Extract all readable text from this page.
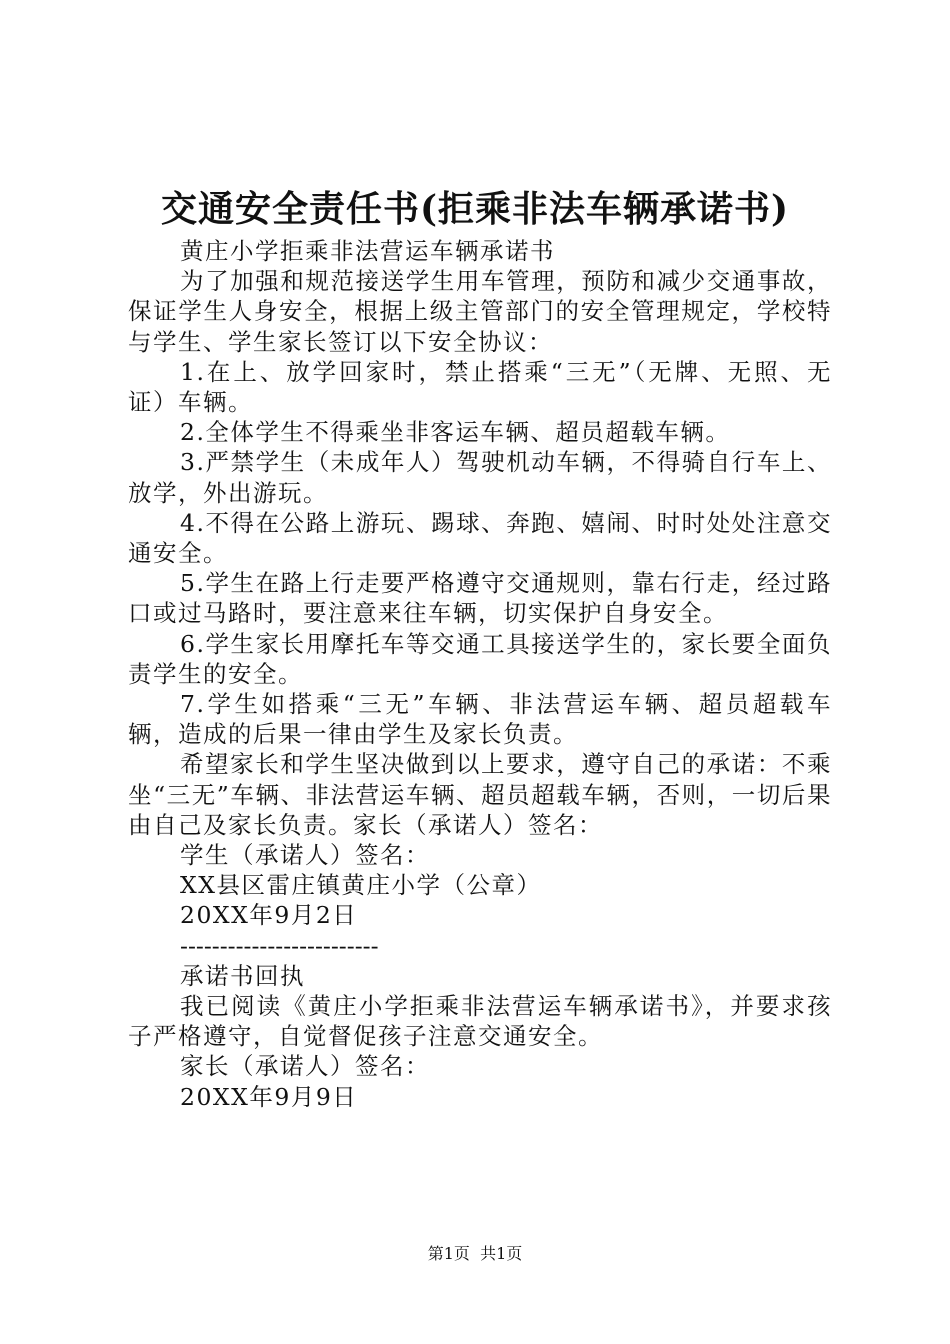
交通安全责任书(拒乘非法车辆承诺书)

黄庄小学拒乘非法营运车辆承诺书

为了加强和规范接送学生用车管理，预防和减少交通事故，保证学生人身安全，根据上级主管部门的安全管理规定，学校特与学生、学生家长签订以下安全协议：

1.在上、放学回家时，禁止搭乘“三无”（无牌、无照、无证）车辆。

2.全体学生不得乘坐非客运车辆、超员超载车辆。

3.严禁学生（未成年人）驾驶机动车辆，不得骑自行车上、放学，外出游玩。

4.不得在公路上游玩、踢球、奔跑、嬉闹、时时处处注意交通安全。

5.学生在路上行走要严格遵守交通规则，靠右行走，经过路口或过马路时，要注意来往车辆，切实保护自身安全。

6.学生家长用摩托车等交通工具接送学生的，家长要全面负责学生的安全。

7.学生如搭乘“三无”车辆、非法营运车辆、超员超载车辆，造成的后果一律由学生及家长负责。

希望家长和学生坚决做到以上要求，遵守自己的承诺：不乘坐“三无”车辆、非法营运车辆、超员超载车辆，否则，一切后果由自己及家长负责。家长（承诺人）签名：

学生（承诺人）签名：

XX县区雷庄镇黄庄小学（公章）

20XX年9月2日

-------------------------

承诺书回执

我已阅读《黄庄小学拒乘非法营运车辆承诺书》，并要求孩子严格遵守，自觉督促孩子注意交通安全。

家长（承诺人）签名：

20XX年9月9日

第1页  共1页
